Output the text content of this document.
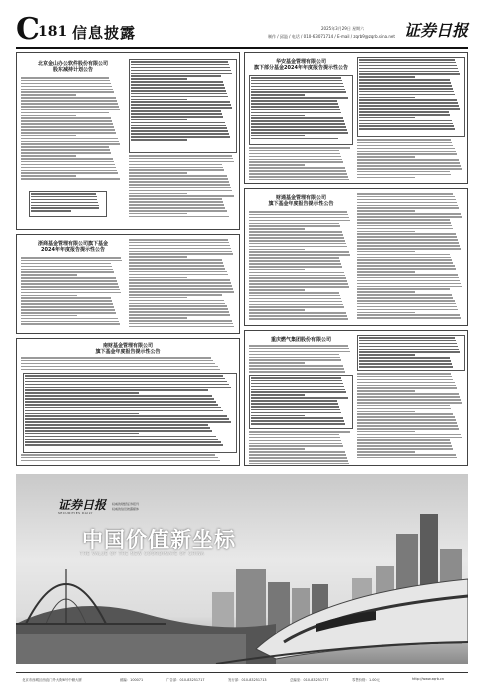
C
181 信息披露	2025年3月29日 星期六
制作 / 邱溢 / 电话 / 010-63071714 / E-mail / zqrb9@zqrb.sina.net 证券日报
北京金山办公软件股份有限公司
股东减持计划公告
华安基金管理有限公司
旗下部分基金2024年年度报告提示性公告
财通基金管理有限公司
旗下基金年度报告提示性公告
浙商基金管理有限公司旗下基金
2024年年度报告提示性公告
南财基金管理有限公司
旗下基金年度报告提示性公告
重庆燃气集团股份有限公司
证券日报
SECURITIES DAILY
权威的财经证券报刊
权威的信息披露媒体
中国价值新坐标
THE VALUE OF THE NEW COORDINATE OF CHINA
北京市西城区西直门外大街6号中储大厦	邮编：100071	广告部：010-83251717	发行部：010-83251713	总编室：010-83251777	零售价格：1.00元	http://www.zqrb.cn
